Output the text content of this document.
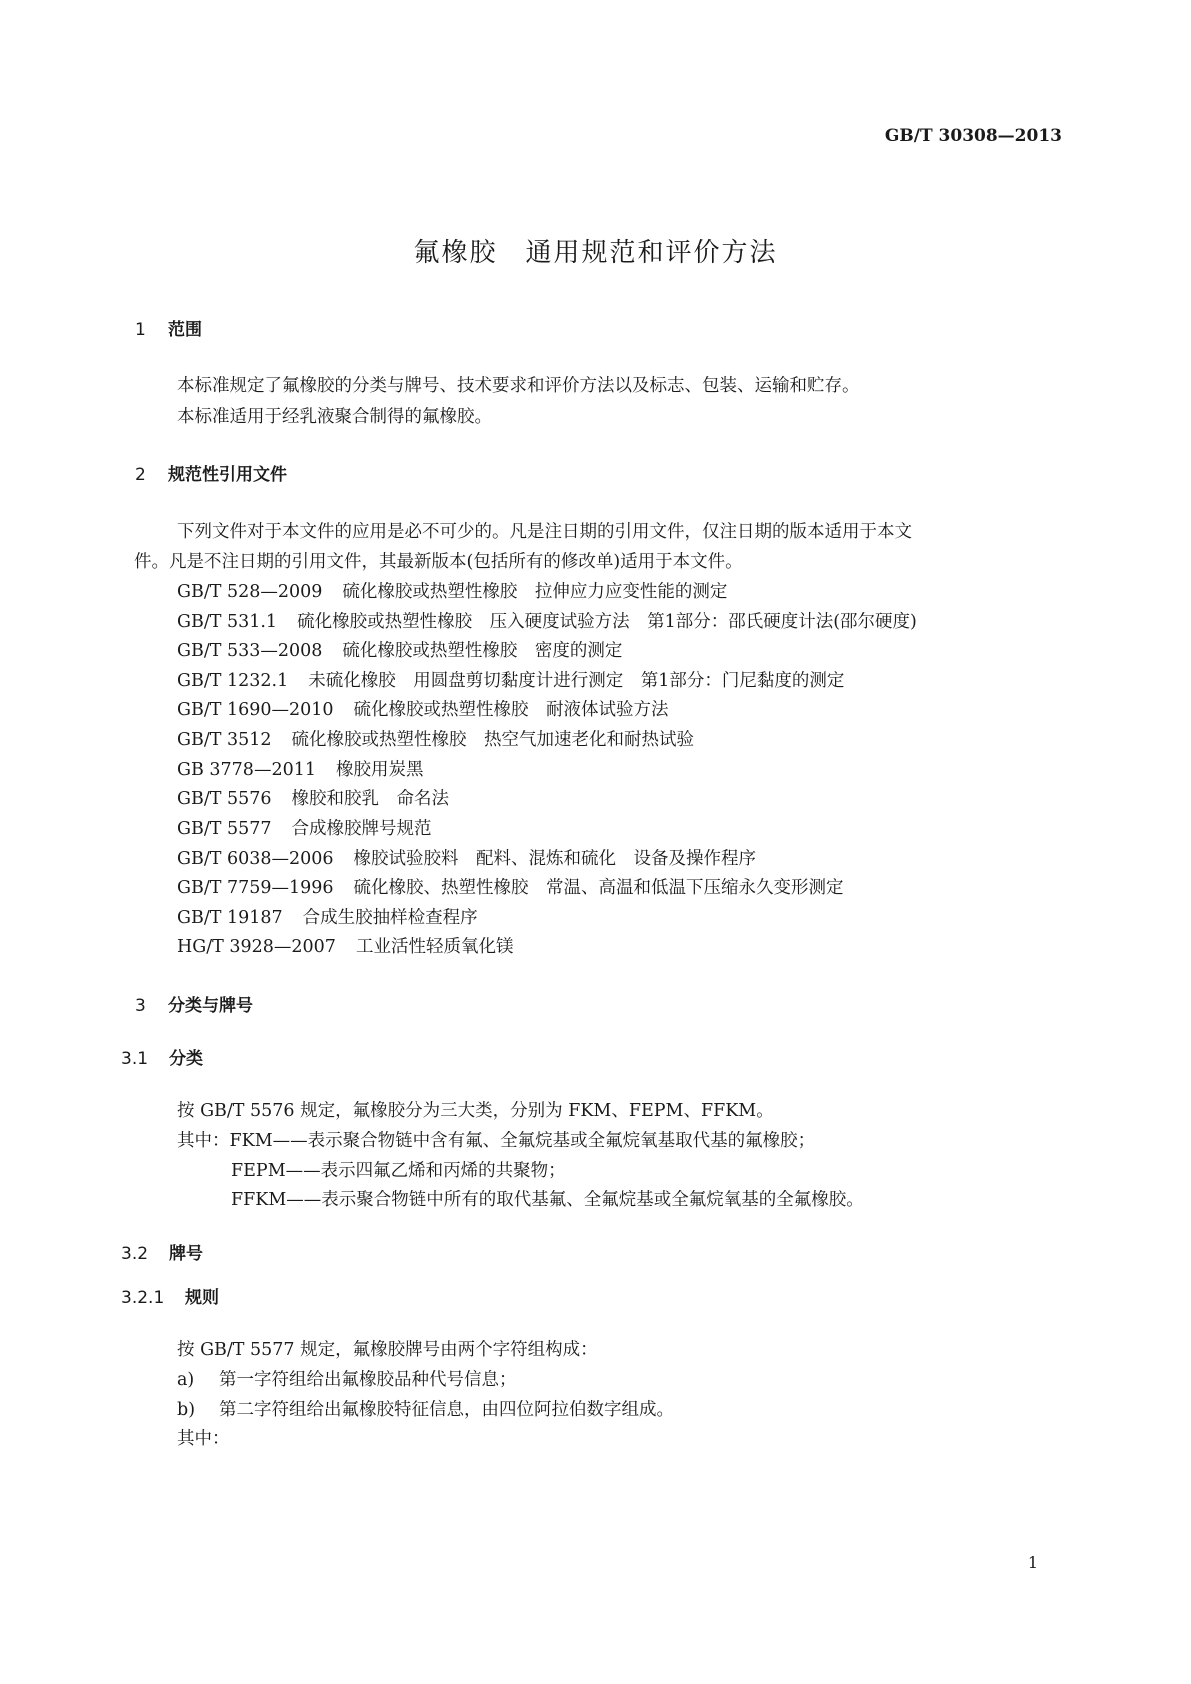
GB/T 30308—2013
氟橡胶　通用规范和评价方法
1 范围
本标准规定了氟橡胶的分类与牌号、技术要求和评价方法以及标志、包装、运输和贮存。
本标准适用于经乳液聚合制得的氟橡胶。
2 规范性引用文件
下列文件对于本文件的应用是必不可少的。凡是注日期的引用文件，仅注日期的版本适用于本文
件。凡是不注日期的引用文件，其最新版本(包括所有的修改单)适用于本文件。
GB/T 528—2009 硫化橡胶或热塑性橡胶　拉伸应力应变性能的测定
GB/T 531.1 硫化橡胶或热塑性橡胶　压入硬度试验方法　第1部分：邵氏硬度计法(邵尔硬度)
GB/T 533—2008 硫化橡胶或热塑性橡胶　密度的测定
GB/T 1232.1 未硫化橡胶　用圆盘剪切黏度计进行测定　第1部分：门尼黏度的测定
GB/T 1690—2010 硫化橡胶或热塑性橡胶　耐液体试验方法
GB/T 3512 硫化橡胶或热塑性橡胶　热空气加速老化和耐热试验
GB 3778—2011 橡胶用炭黑
GB/T 5576 橡胶和胶乳　命名法
GB/T 5577 合成橡胶牌号规范
GB/T 6038—2006 橡胶试验胶料　配料、混炼和硫化　设备及操作程序
GB/T 7759—1996 硫化橡胶、热塑性橡胶　常温、高温和低温下压缩永久变形测定
GB/T 19187 合成生胶抽样检查程序
HG/T 3928—2007 工业活性轻质氧化镁
3 分类与牌号
3.1 分类
按 GB/T 5576 规定，氟橡胶分为三大类，分别为 FKM、FEPM、FFKM。
其中：FKM——表示聚合物链中含有氟、全氟烷基或全氟烷氧基取代基的氟橡胶；
FEPM——表示四氟乙烯和丙烯的共聚物；
FFKM——表示聚合物链中所有的取代基氟、全氟烷基或全氟烷氧基的全氟橡胶。
3.2 牌号
3.2.1 规则
按 GB/T 5577 规定，氟橡胶牌号由两个字符组构成：
a) 第一字符组给出氟橡胶品种代号信息；
b) 第二字符组给出氟橡胶特征信息，由四位阿拉伯数字组成。
其中：
1
